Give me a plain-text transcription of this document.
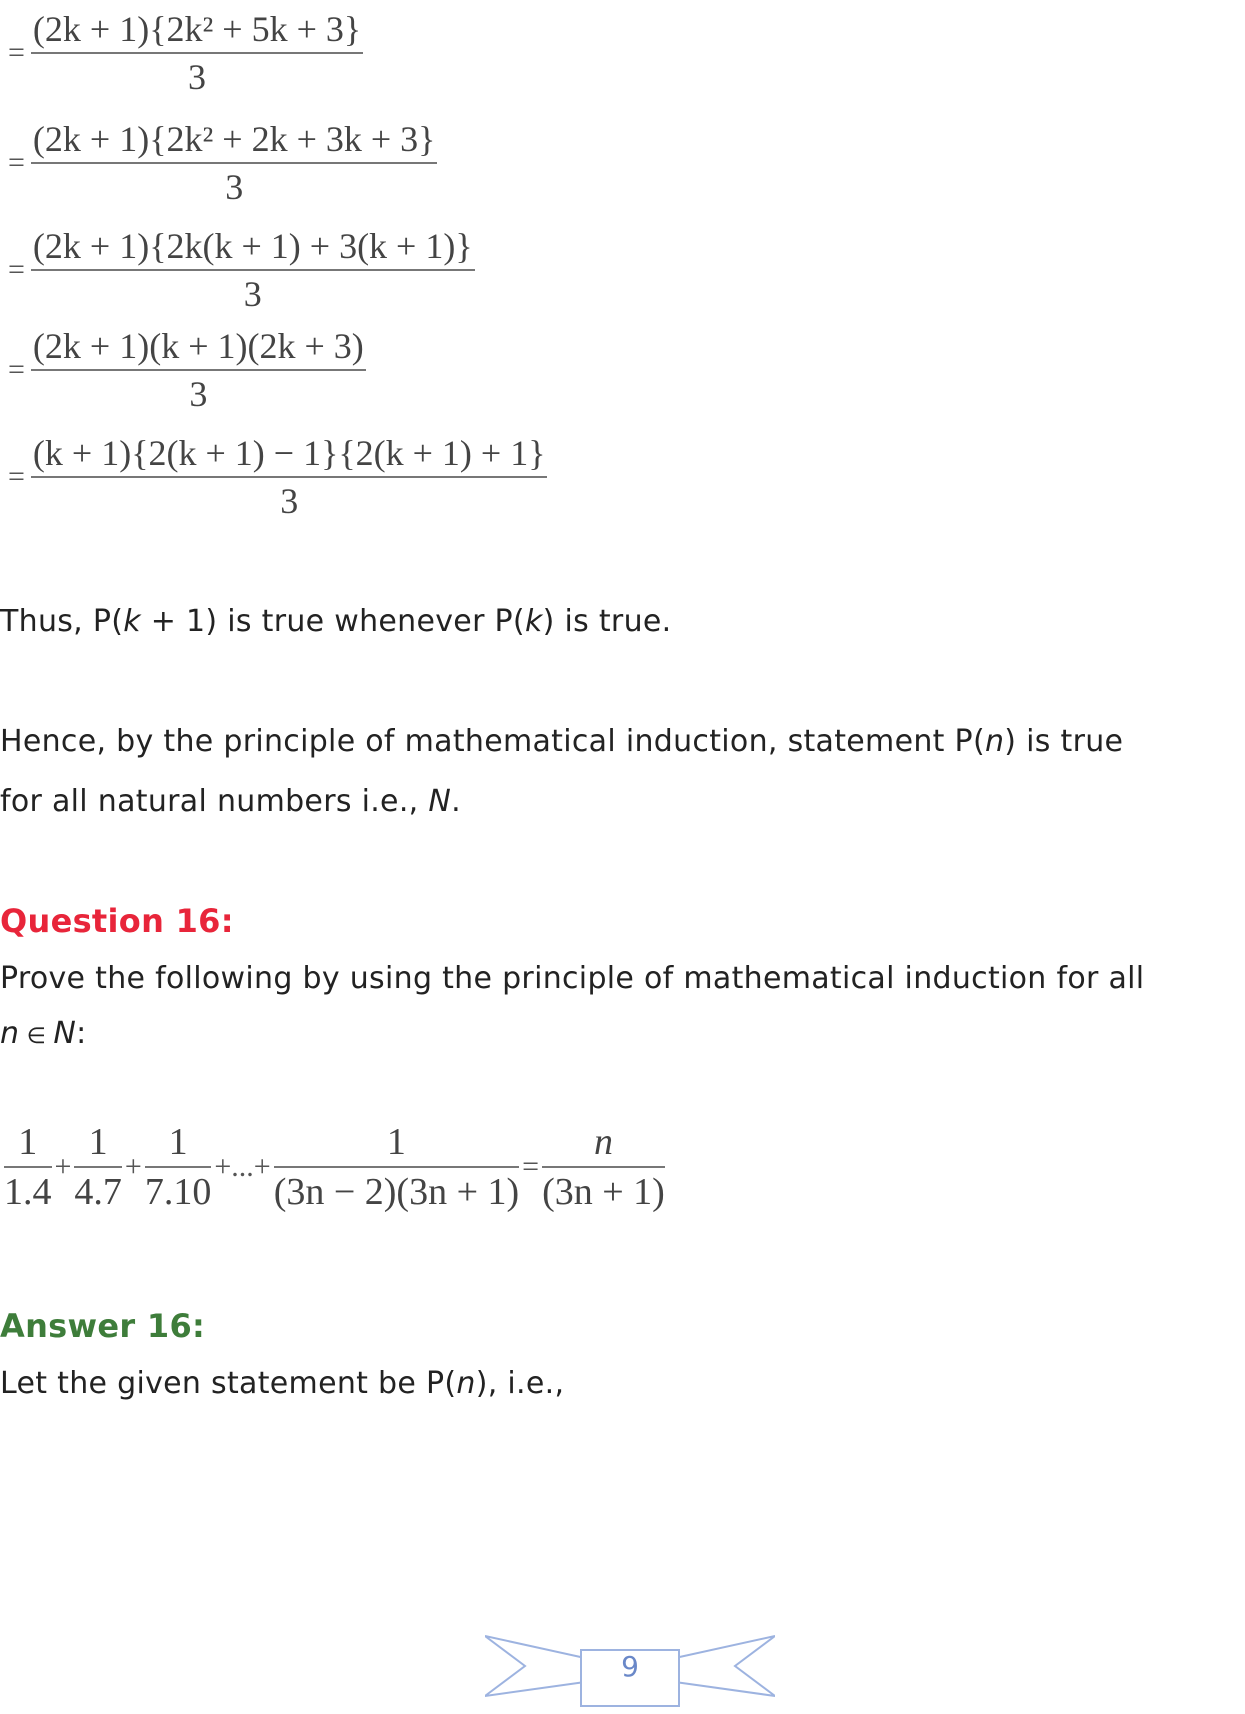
= $\frac{\text{(2k + 1)\{2k² + 5k + 3\}}}{3}$
= $\frac{\text{(2k + 1)\{2k² + 2k + 3k + 3\}}}{3}$
= $\frac{(2k + 1)\{2k(k + 1) + 3(k + 1)\}}{3}$
= $\frac{(2k + 1)(k + 1)(2k + 3)}{3}$
= $\frac{(k + 1)\{2(k + 1) - 1\}\{2(k + 1) + 1\}}{3}$
Thus, P(k + 1) is true whenever P(k) is true.
Hence, by the principle of mathematical induction, statement P(n) is true
for all natural numbers i.e., N.
Question 16:
Prove the following by using the principle of mathematical induction for all
n ∈ N:
$\frac{1}{1.4} + \frac{1}{4.7} + \frac{1}{7.10}$ +...+ $\frac{1}{(3n - 2)(3n + 1)} = \frac{n}{(3n + 1)}$
Answer 16:
Let the given statement be P(n), i.e.,
9
